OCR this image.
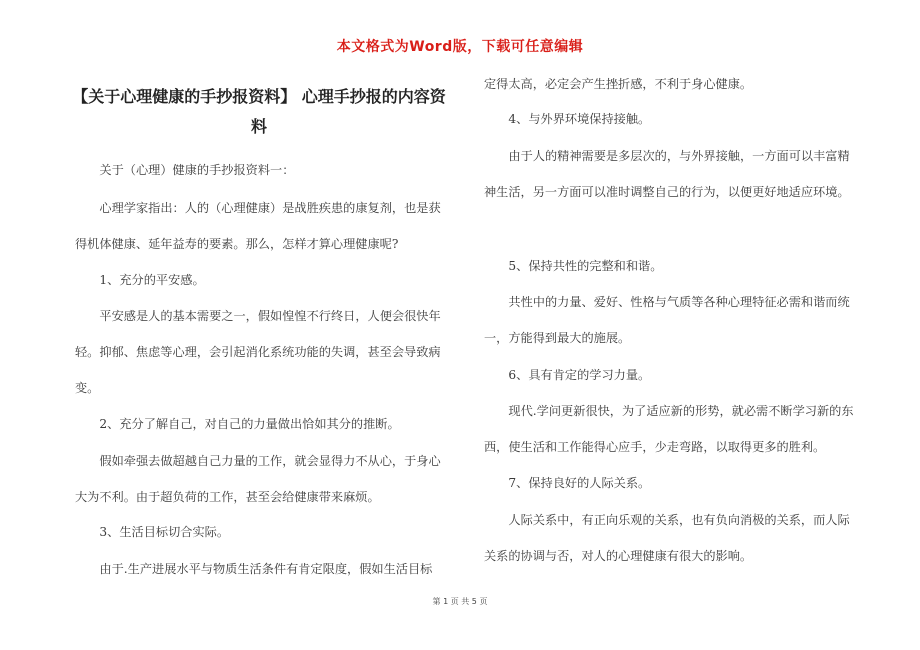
本文格式为Word版，下载可任意编辑
【关于心理健康的手抄报资料】 心理手抄报的内容资料

关于（心理）健康的手抄报资料一：

心理学家指出：人的（心理健康）是战胜疾患的康复剂，也是获得机体健康、延年益寿的要素。那么，怎样才算心理健康呢?

1、充分的平安感。

平安感是人的基本需要之一，假如惶惶不行终日，人便会很快年轻。抑郁、焦虑等心理，会引起消化系统功能的失调，甚至会导致病变。

2、充分了解自己，对自己的力量做出恰如其分的推断。

假如牵强去做超越自己力量的工作，就会显得力不从心，于身心大为不利。由于超负荷的工作，甚至会给健康带来麻烦。

3、生活目标切合实际。

由于.生产进展水平与物质生活条件有肯定限度，假如生活目标

定得太高，必定会产生挫折感，不利于身心健康。

4、与外界环境保持接触。

由于人的精神需要是多层次的，与外界接触，一方面可以丰富精神生活，另一方面可以准时调整自己的行为，以便更好地适应环境。

5、保持共性的完整和和谐。

共性中的力量、爱好、性格与气质等各种心理特征必需和谐而统一，方能得到最大的施展。

6、具有肯定的学习力量。

现代.学问更新很快，为了适应新的形势，就必需不断学习新的东西，使生活和工作能得心应手，少走弯路，以取得更多的胜利。

7、保持良好的人际关系。

人际关系中，有正向乐观的关系，也有负向消极的关系，而人际关系的协调与否，对人的心理健康有很大的影响。

第 1 页 共 5 页
